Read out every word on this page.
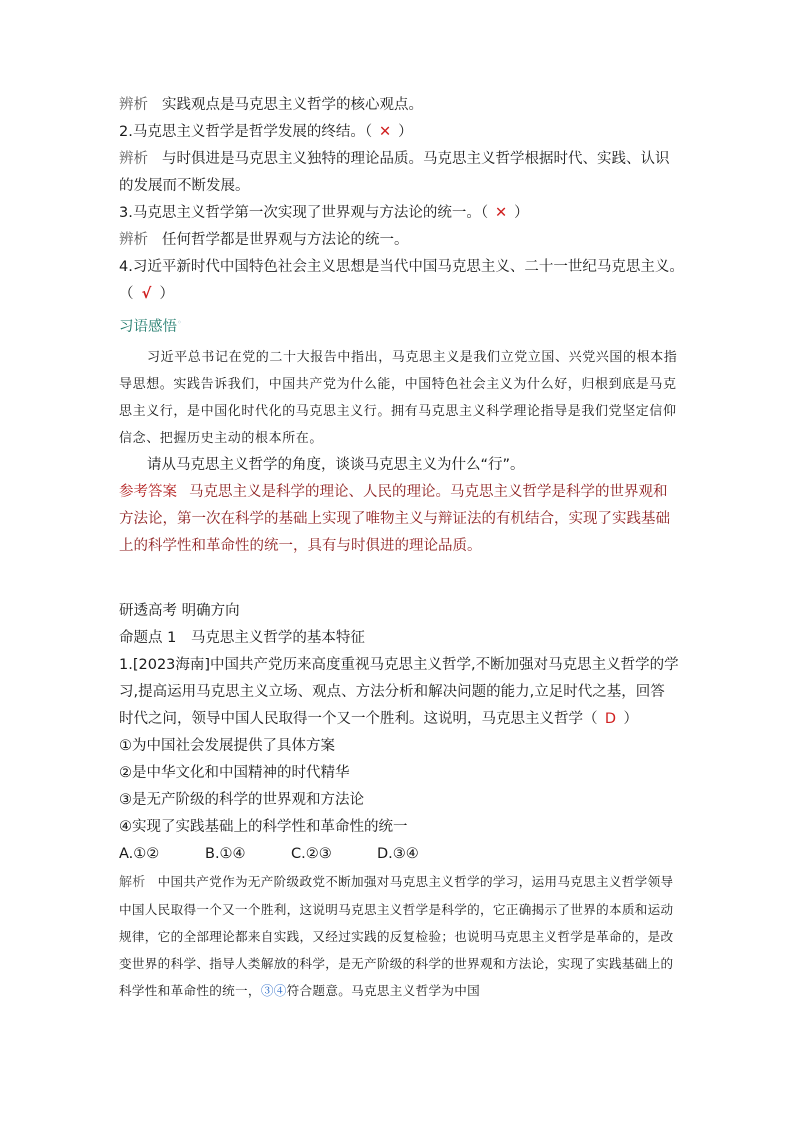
辨析 实践观点是马克思主义哲学的核心观点。
2.马克思主义哲学是哲学发展的终结。（ ✕ ）
辨析 与时俱进是马克思主义独特的理论品质。马克思主义哲学根据时代、实践、认识的发展而不断发展。
3.马克思主义哲学第一次实现了世界观与方法论的统一。（ ✕ ）
辨析 任何哲学都是世界观与方法论的统一。
4.习近平新时代中国特色社会主义思想是当代中国马克思主义、二十一世纪马克思主义。
（ √ ）
习语感悟◦
习近平总书记在党的二十大报告中指出，马克思主义是我们立党立国、兴党兴国的根本指导思想。实践告诉我们，中国共产党为什么能，中国特色社会主义为什么好，归根到底是马克思主义行，是中国化时代化的马克思主义行。拥有马克思主义科学理论指导是我们党坚定信仰信念、把握历史主动的根本所在。
请从马克思主义哲学的角度，谈谈马克思主义为什么“行”。
参考答案 马克思主义是科学的理论、人民的理论。马克思主义哲学是科学的世界观和方法论，第一次在科学的基础上实现了唯物主义与辩证法的有机结合，实现了实践基础上的科学性和革命性的统一，具有与时俱进的理论品质。
研透高考 明确方向
命题点 1　马克思主义哲学的基本特征
1.[2023海南]中国共产党历来高度重视马克思主义哲学,不断加强对马克思主义哲学的学习,提高运用马克思主义立场、观点、方法分析和解决问题的能力,立足时代之基，回答时代之问，领导中国人民取得一个又一个胜利。这说明，马克思主义哲学（ D ）
①为中国社会发展提供了具体方案
②是中华文化和中国精神的时代精华
③是无产阶级的科学的世界观和方法论
④实现了实践基础上的科学性和革命性的统一
A.①②	B.①④	C.②③	D.③④
解析 中国共产党作为无产阶级政党不断加强对马克思主义哲学的学习，运用马克思主义哲学领导中国人民取得一个又一个胜利，这说明马克思主义哲学是科学的，它正确揭示了世界的本质和运动规律，它的全部理论都来自实践，又经过实践的反复检验；也说明马克思主义哲学是革命的，是改变世界的科学、指导人类解放的科学，是无产阶级的科学的世界观和方法论，实现了实践基础上的科学性和革命性的统一，③④符合题意。马克思主义哲学为中国
